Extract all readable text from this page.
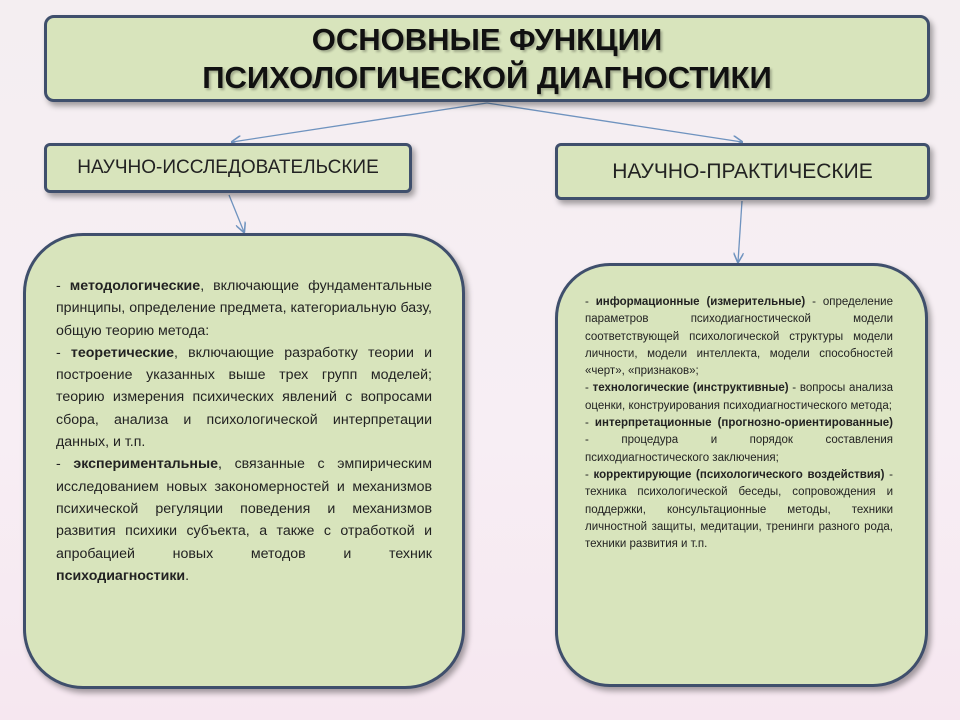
ОСНОВНЫЕ ФУНКЦИИ
ПСИХОЛОГИЧЕСКОЙ ДИАГНОСТИКИ
НАУЧНО-ИССЛЕДОВАТЕЛЬСКИЕ	НАУЧНО-ПРАКТИЧЕСКИЕ

- методологические, включающие фундаментальные принципы, определение предмета, категориальную базу, общую теорию метода:

- теоретические, включающие разработку теории и построение указанных выше трех групп моделей; теорию измерения психических явлений с вопросами сбора, анализа и психологической интерпретации данных, и т.п.

- экспериментальные, связанные с эмпирическим исследованием новых закономерностей и механизмов психической регуляции поведения и механизмов развития психики субъекта, а также с отработкой и апробацией новых методов и техник психодиагностики.

- информационные (измерительные) - определение параметров психодиагностической модели соответствующей психологической структуры модели личности, модели интеллекта, модели способностей «черт», «признаков»;

- технологические (инструктивные) - вопросы анализа оценки, конструирования психодиагностического метода;

- интерпретационные (прогнозно-ориентированные) - процедура и порядок составления психодиагностического заключения;

- корректирующие (психологического воздействия) - техника психологической беседы, сопровождения и поддержки, консультационные методы, техники личностной защиты, медитации, тренинги разного рода, техники развития и т.п.
